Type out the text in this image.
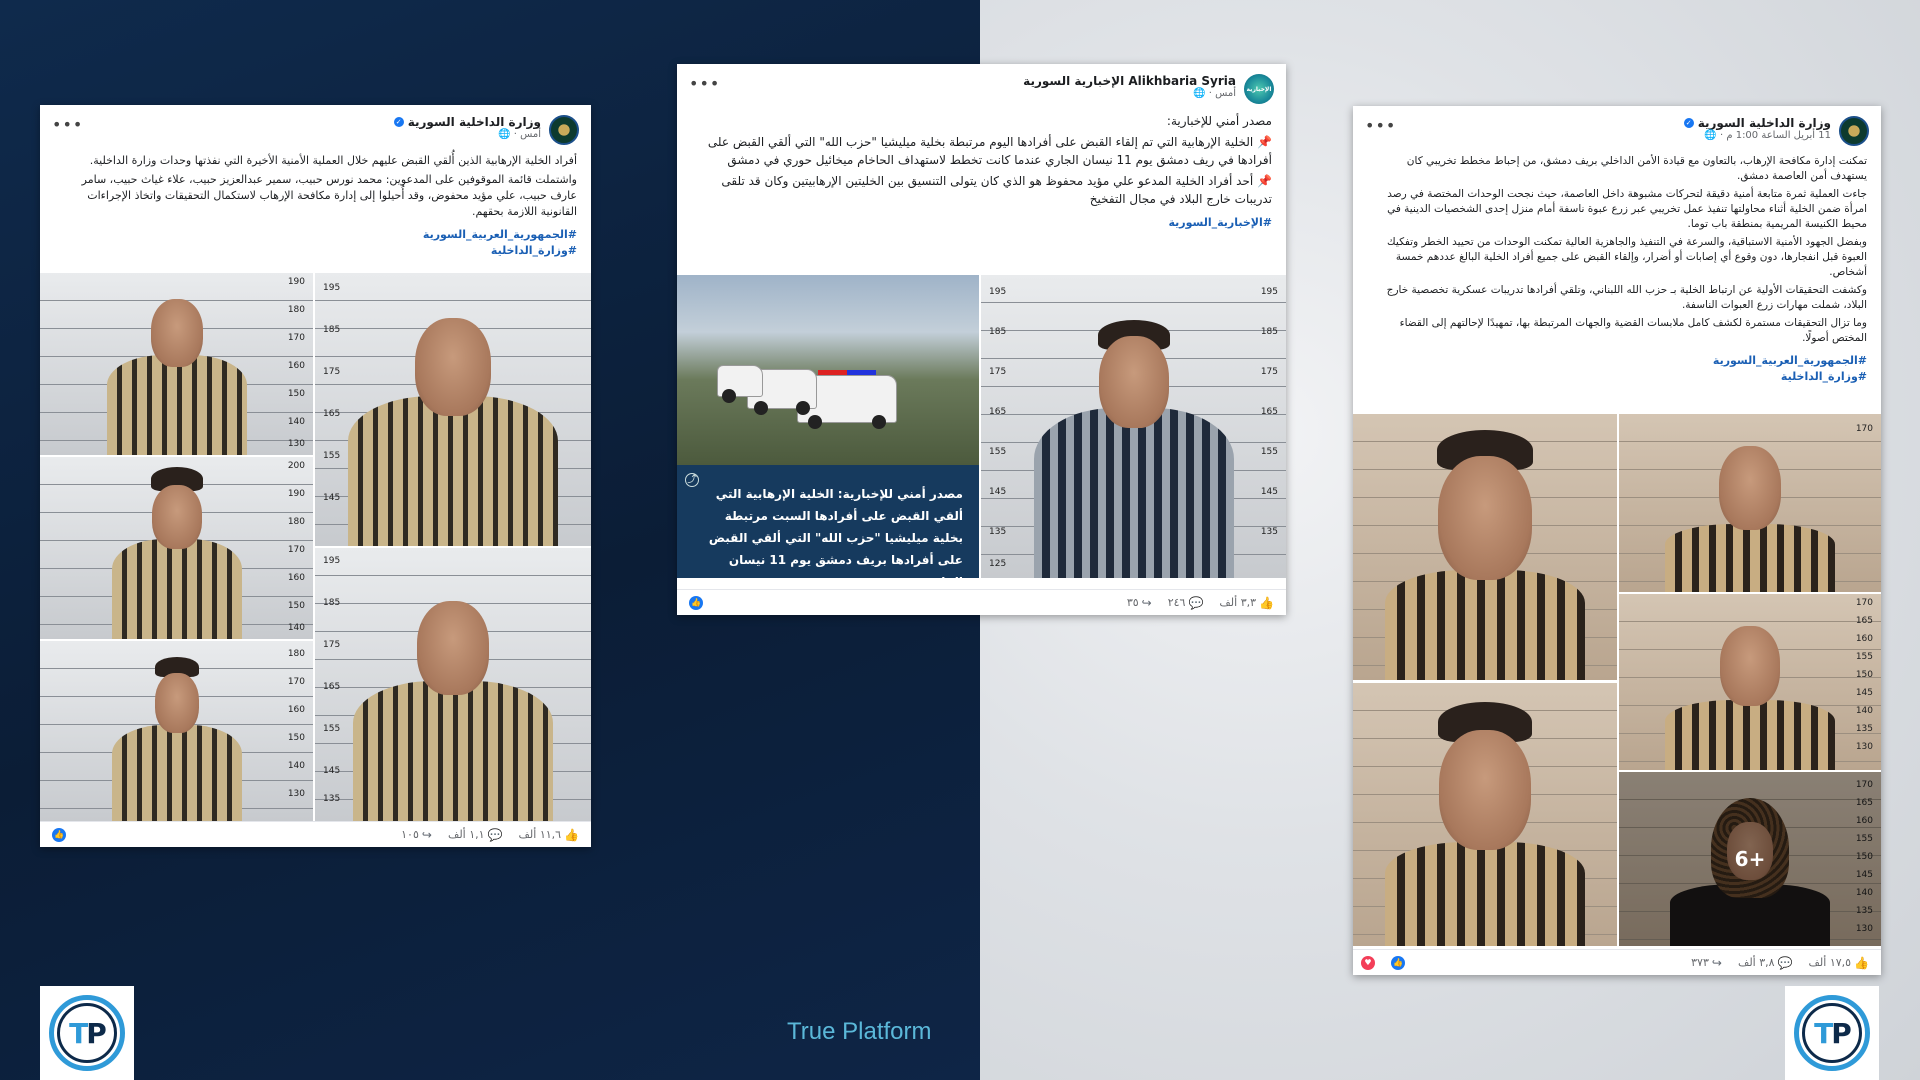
وزارة الداخلية السورية
✓
أمس · 🌐
•••

أفراد الخلية الإرهابية الذين أُلقي القبض عليهم خلال العملية الأمنية الأخيرة التي نفذتها وحدات وزارة الداخلية.

واشتملت قائمة الموقوفين على المدعوين: محمد نورس حبيب، سمير عبدالعزيز حبيب، علاء غياث حبيب، سامر عارف حبيب، علي مؤيد محفوض، وقد أُحيلوا إلى إدارة مكافحة الإرهاب لاستكمال التحقيقات واتخاذ الإجراءات القانونية اللازمة بحقهم.

#الجمهورية_العربية_السورية
#وزارة_الداخلية
195
185
175
165
155
145
190
180
170
160
150
140
130
200
190
180
170
160
150
140
195
185
175
165
155
145
135
180
170
160
150
140
130
👍
١١,٦ ألف
💬
١,١ ألف
↪
١٠٥
👍
الإخبارية
Alikhbaria Syria الإخبارية السورية
أمس · 🌐
•••

مصدر أمني للإخبارية:

📌 الخلية الإرهابية التي تم إلقاء القبض على أفرادها اليوم مرتبطة بخلية ميليشيا "حزب الله" التي ألقي القبض على أفرادها في ريف دمشق يوم 11 نيسان الجاري عندما كانت تخطط لاستهداف الحاخام ميخائيل حوري في دمشق

📌 أحد أفراد الخلية المدعو علي مؤيد محفوظ هو الذي كان يتولى التنسيق بين الخليتين الإرهابيتين وكان قد تلقى تدريبات خارج البلاد في مجال التفخيخ

#الإخبارية_السورية
⤴
مصدر أمني للإخبارية: الخلية الإرهابية التي ألقي القبض على أفرادها السبت مرتبطة بخلية ميليشيا "حزب الله" التي ألقي القبض على أفرادها بريف دمشق يوم 11 نيسان الجاري
195
185
175
165
155
145
135
195
185
175
165
155
145
135
125
👍
٣,٣ ألف
💬
٢٤٦
↪
٣٥
👍
وزارة الداخلية السورية
✓
11 أبريل الساعة 1:00 م · 🌐
•••

تمكنت إدارة مكافحة الإرهاب، بالتعاون مع قيادة الأمن الداخلي بريف دمشق، من إحباط مخطط تخريبي كان يستهدف أمن العاصمة دمشق.

جاءت العملية ثمرة متابعة أمنية دقيقة لتحركات مشبوهة داخل العاصمة، حيث نجحت الوحدات المختصة في رصد امرأة ضمن الخلية أثناء محاولتها تنفيذ عمل تخريبي عبر زرع عبوة ناسفة أمام منزل إحدى الشخصيات الدينية في محيط الكنيسة المريمية بمنطقة باب توما.

وبفضل الجهود الأمنية الاستباقية، والسرعة في التنفيذ والجاهزية العالية تمكنت الوحدات من تحييد الخطر وتفكيك العبوة قبل انفجارها، دون وقوع أي إصابات أو أضرار، وإلقاء القبض على جميع أفراد الخلية البالغ عددهم خمسة أشخاص.

وكشفت التحقيقات الأولية عن ارتباط الخلية بـ حزب الله اللبناني، وتلقي أفرادها تدريبات عسكرية تخصصية خارج البلاد، شملت مهارات زرع العبوات الناسفة.

وما تزال التحقيقات مستمرة لكشف كامل ملابسات القضية والجهات المرتبطة بها، تمهيدًا لإحالتهم إلى القضاء المختص أصولًا.

#الجمهورية_العربية_السورية
#وزارة_الداخلية
170
170
165
160
155
150
145
140
135
130
170
165
160
155
150
145
140
135
130
+6
👍
١٧,٥ ألف
💬
٣,٨ ألف
↪
٣٧٣
👍
♥
TP	TP
True Platform
